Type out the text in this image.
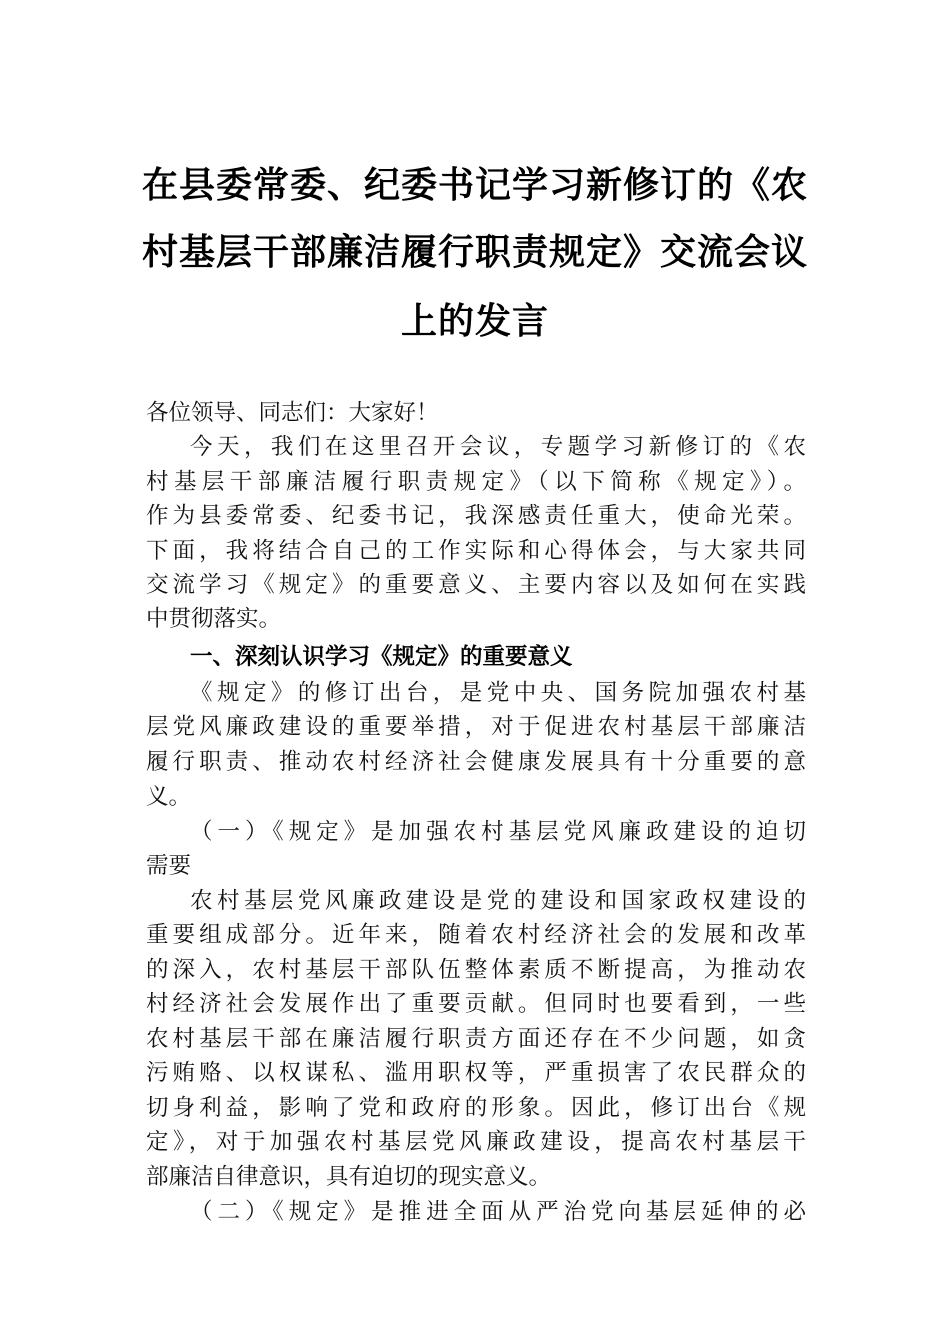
在县委常委、纪委书记学习新修订的《农
村基层干部廉洁履行职责规定》交流会议
上的发言
各位领导、同志们：大家好！
今天，我们在这里召开会议，专题学习新修订的《农
村基层干部廉洁履行职责规定》（以下简称《规定》）。
作为县委常委、纪委书记，我深感责任重大，使命光荣。
下面，我将结合自己的工作实际和心得体会，与大家共同
交流学习《规定》的重要意义、主要内容以及如何在实践
中贯彻落实。
一、深刻认识学习《规定》的重要意义
《规定》的修订出台，是党中央、国务院加强农村基
层党风廉政建设的重要举措，对于促进农村基层干部廉洁
履行职责、推动农村经济社会健康发展具有十分重要的意
义。
（一）《规定》是加强农村基层党风廉政建设的迫切
需要
农村基层党风廉政建设是党的建设和国家政权建设的
重要组成部分。近年来，随着农村经济社会的发展和改革
的深入，农村基层干部队伍整体素质不断提高，为推动农
村经济社会发展作出了重要贡献。但同时也要看到，一些
农村基层干部在廉洁履行职责方面还存在不少问题，如贪
污贿赂、以权谋私、滥用职权等，严重损害了农民群众的
切身利益，影响了党和政府的形象。因此，修订出台《规
定》，对于加强农村基层党风廉政建设，提高农村基层干
部廉洁自律意识，具有迫切的现实意义。
（二）《规定》是推进全面从严治党向基层延伸的必
